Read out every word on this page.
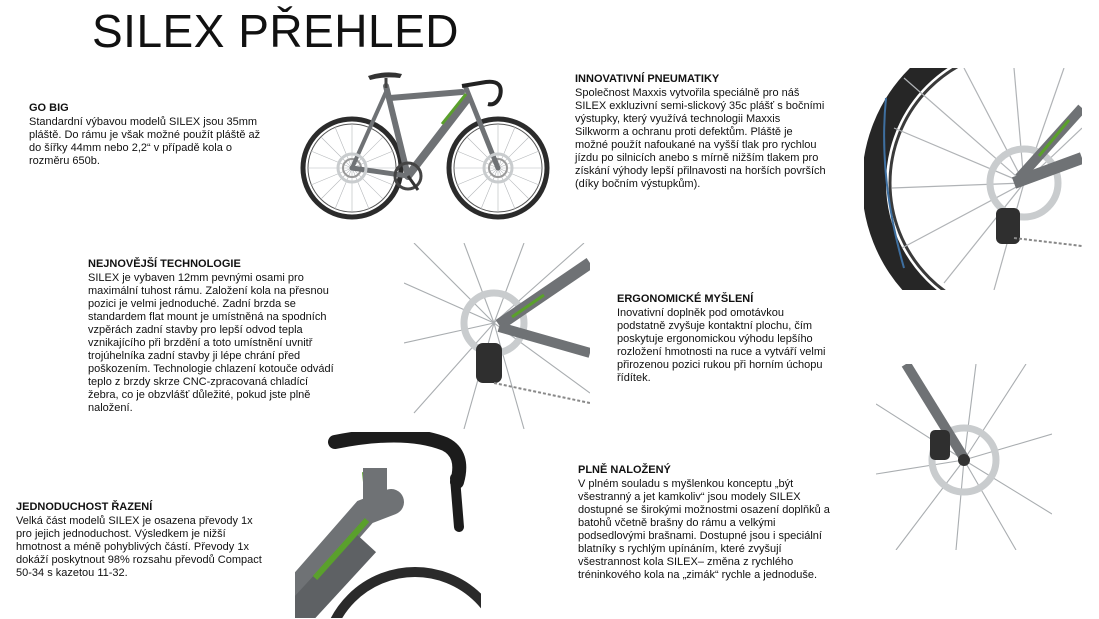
SILEX PŘEHLED
GO BIG
Standardní výbavou modelů SILEX jsou 35mm
pláště. Do rámu je však možné použít pláště až
do šířky 44mm nebo 2,2“ v případě kola o
rozměru 650b.
INNOVATIVNÍ PNEUMATIKY
Společnost Maxxis vytvořila speciálně pro náš
SILEX exkluzivní semi-slickový 35c plášť s bočními
výstupky, který využívá technologii Maxxis
Silkworm a ochranu proti defektům. Pláště je
možné použít nafoukané na vyšší tlak pro rychlou
jízdu po silnicích anebo s mírně nižším tlakem pro
získání výhody lepší přilnavosti na horších površích
(díky bočním výstupkům).
NEJNOVĚJŠÍ TECHNOLOGIE
SILEX je vybaven 12mm pevnými osami pro
maximální tuhost rámu. Založení kola na přesnou
pozici je velmi jednoduché. Zadní brzda se
standardem flat mount je umístněná na spodních
vzpěrách zadní stavby pro lepší odvod tepla
vznikajícího při brzdění a toto umístnění uvnitř
trojúhelníka zadní stavby ji lépe chrání před
poškozením. Technologie chlazení kotouče odvádí
teplo z brzdy skrze CNC-zpracovaná chladící
žebra, co je obzvlášť důležité, pokud jste plně
naložení.
ERGONOMICKÉ MYŠLENÍ
Inovativní doplněk pod omotávkou
podstatně zvyšuje kontaktní plochu, čím
poskytuje ergonomickou výhodu lepšího
rozložení hmotnosti na ruce a vytváří velmi
přirozenou pozici rukou při horním úchopu
řídítek.
PLNĚ NALOŽENÝ
V plném souladu s myšlenkou konceptu „být
všestranný a jet kamkoliv“ jsou modely SILEX
dostupné se širokými možnostmi osazení doplňků a
batohů včetně brašny do rámu a velkými
podsedlovými brašnami. Dostupné jsou i speciální
blatníky s rychlým upínáním, které zvyšují
všestrannost kola SILEX– změna z rychlého
tréninkového kola na „zimák“ rychle a jednoduše.
JEDNODUCHOST ŘAZENÍ
Velká část modelů SILEX je osazena převody 1x
pro jejich jednoduchost. Výsledkem je nižší
hmotnost a méně pohyblivých částí. Převody 1x
dokáží poskytnout 98% rozsahu převodů Compact
50-34 s kazetou 11-32.
